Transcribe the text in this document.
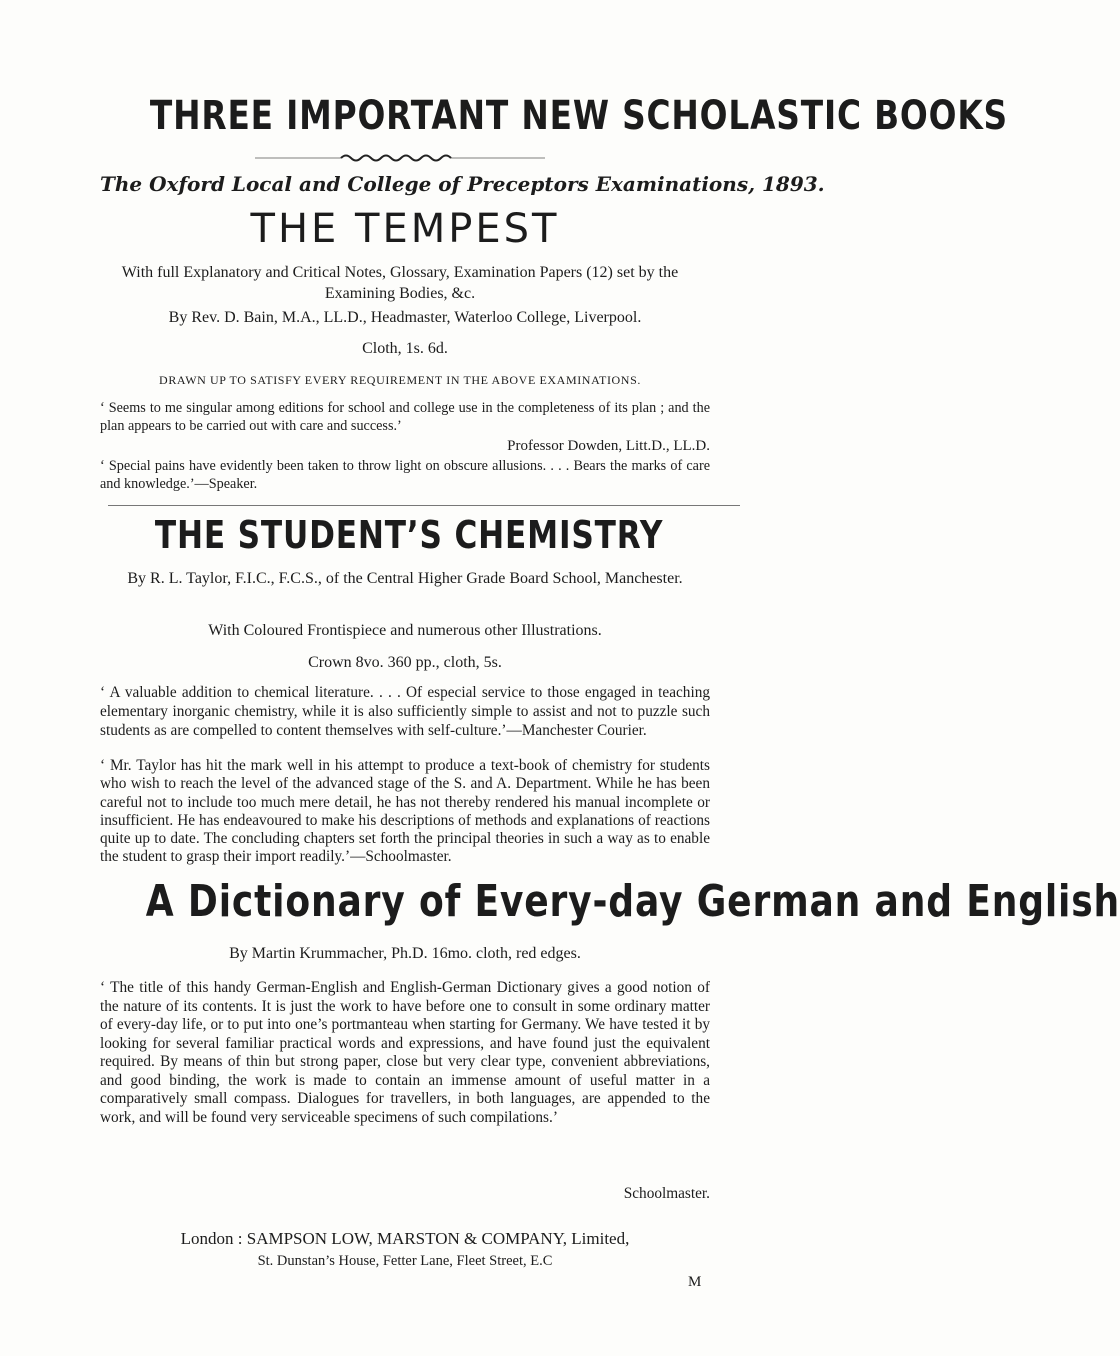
THREE IMPORTANT NEW SCHOLASTIC BOOKS
The Oxford Local and College of Preceptors Examinations, 1893.
THE TEMPEST
With full Explanatory and Critical Notes, Glossary, Examination Papers (12) set by the Examining Bodies, &c.
By Rev. D. Bain, M.A., LL.D., Headmaster, Waterloo College, Liverpool.
Cloth, 1s. 6d.
DRAWN UP TO SATISFY EVERY REQUIREMENT IN THE ABOVE EXAMINATIONS.
‘ Seems to me singular among editions for school and college use in the completeness of its plan ; and the plan appears to be carried out with care and success.’
Professor Dowden, Litt.D., LL.D.
‘ Special pains have evidently been taken to throw light on obscure allusions. . . . Bears the marks of care and knowledge.’—Speaker.
THE STUDENT’S CHEMISTRY
By R. L. Taylor, F.I.C., F.C.S., of the Central Higher Grade Board School, Manchester.
With Coloured Frontispiece and numerous other Illustrations.
Crown 8vo. 360 pp., cloth, 5s.
‘ A valuable addition to chemical literature. . . . Of especial service to those engaged in teaching elementary inorganic chemistry, while it is also sufficiently simple to assist and not to puzzle such students as are compelled to content themselves with self-culture.’—Manchester Courier.
‘ Mr. Taylor has hit the mark well in his attempt to produce a text-book of chemistry for students who wish to reach the level of the advanced stage of the S. and A. Department. While he has been careful not to include too much mere detail, he has not thereby rendered his manual incomplete or insufficient. He has endeavoured to make his descriptions of methods and explanations of reactions quite up to date. The concluding chapters set forth the principal theories in such a way as to enable the student to grasp their import readily.’—Schoolmaster.
A Dictionary of Every-day German and English
By Martin Krummacher, Ph.D. 16mo. cloth, red edges.
‘ The title of this handy German-English and English-German Dictionary gives a good notion of the nature of its contents. It is just the work to have before one to consult in some ordinary matter of every-day life, or to put into one’s portmanteau when starting for Germany. We have tested it by looking for several familiar practical words and expressions, and have found just the equivalent required. By means of thin but strong paper, close but very clear type, convenient abbreviations, and good binding, the work is made to contain an immense amount of useful matter in a comparatively small compass. Dialogues for travellers, in both languages, are appended to the work, and will be found very serviceable specimens of such compilations.’
Schoolmaster.
London : SAMPSON LOW, MARSTON & COMPANY, Limited,
St. Dunstan’s House, Fetter Lane, Fleet Street, E.C
M
